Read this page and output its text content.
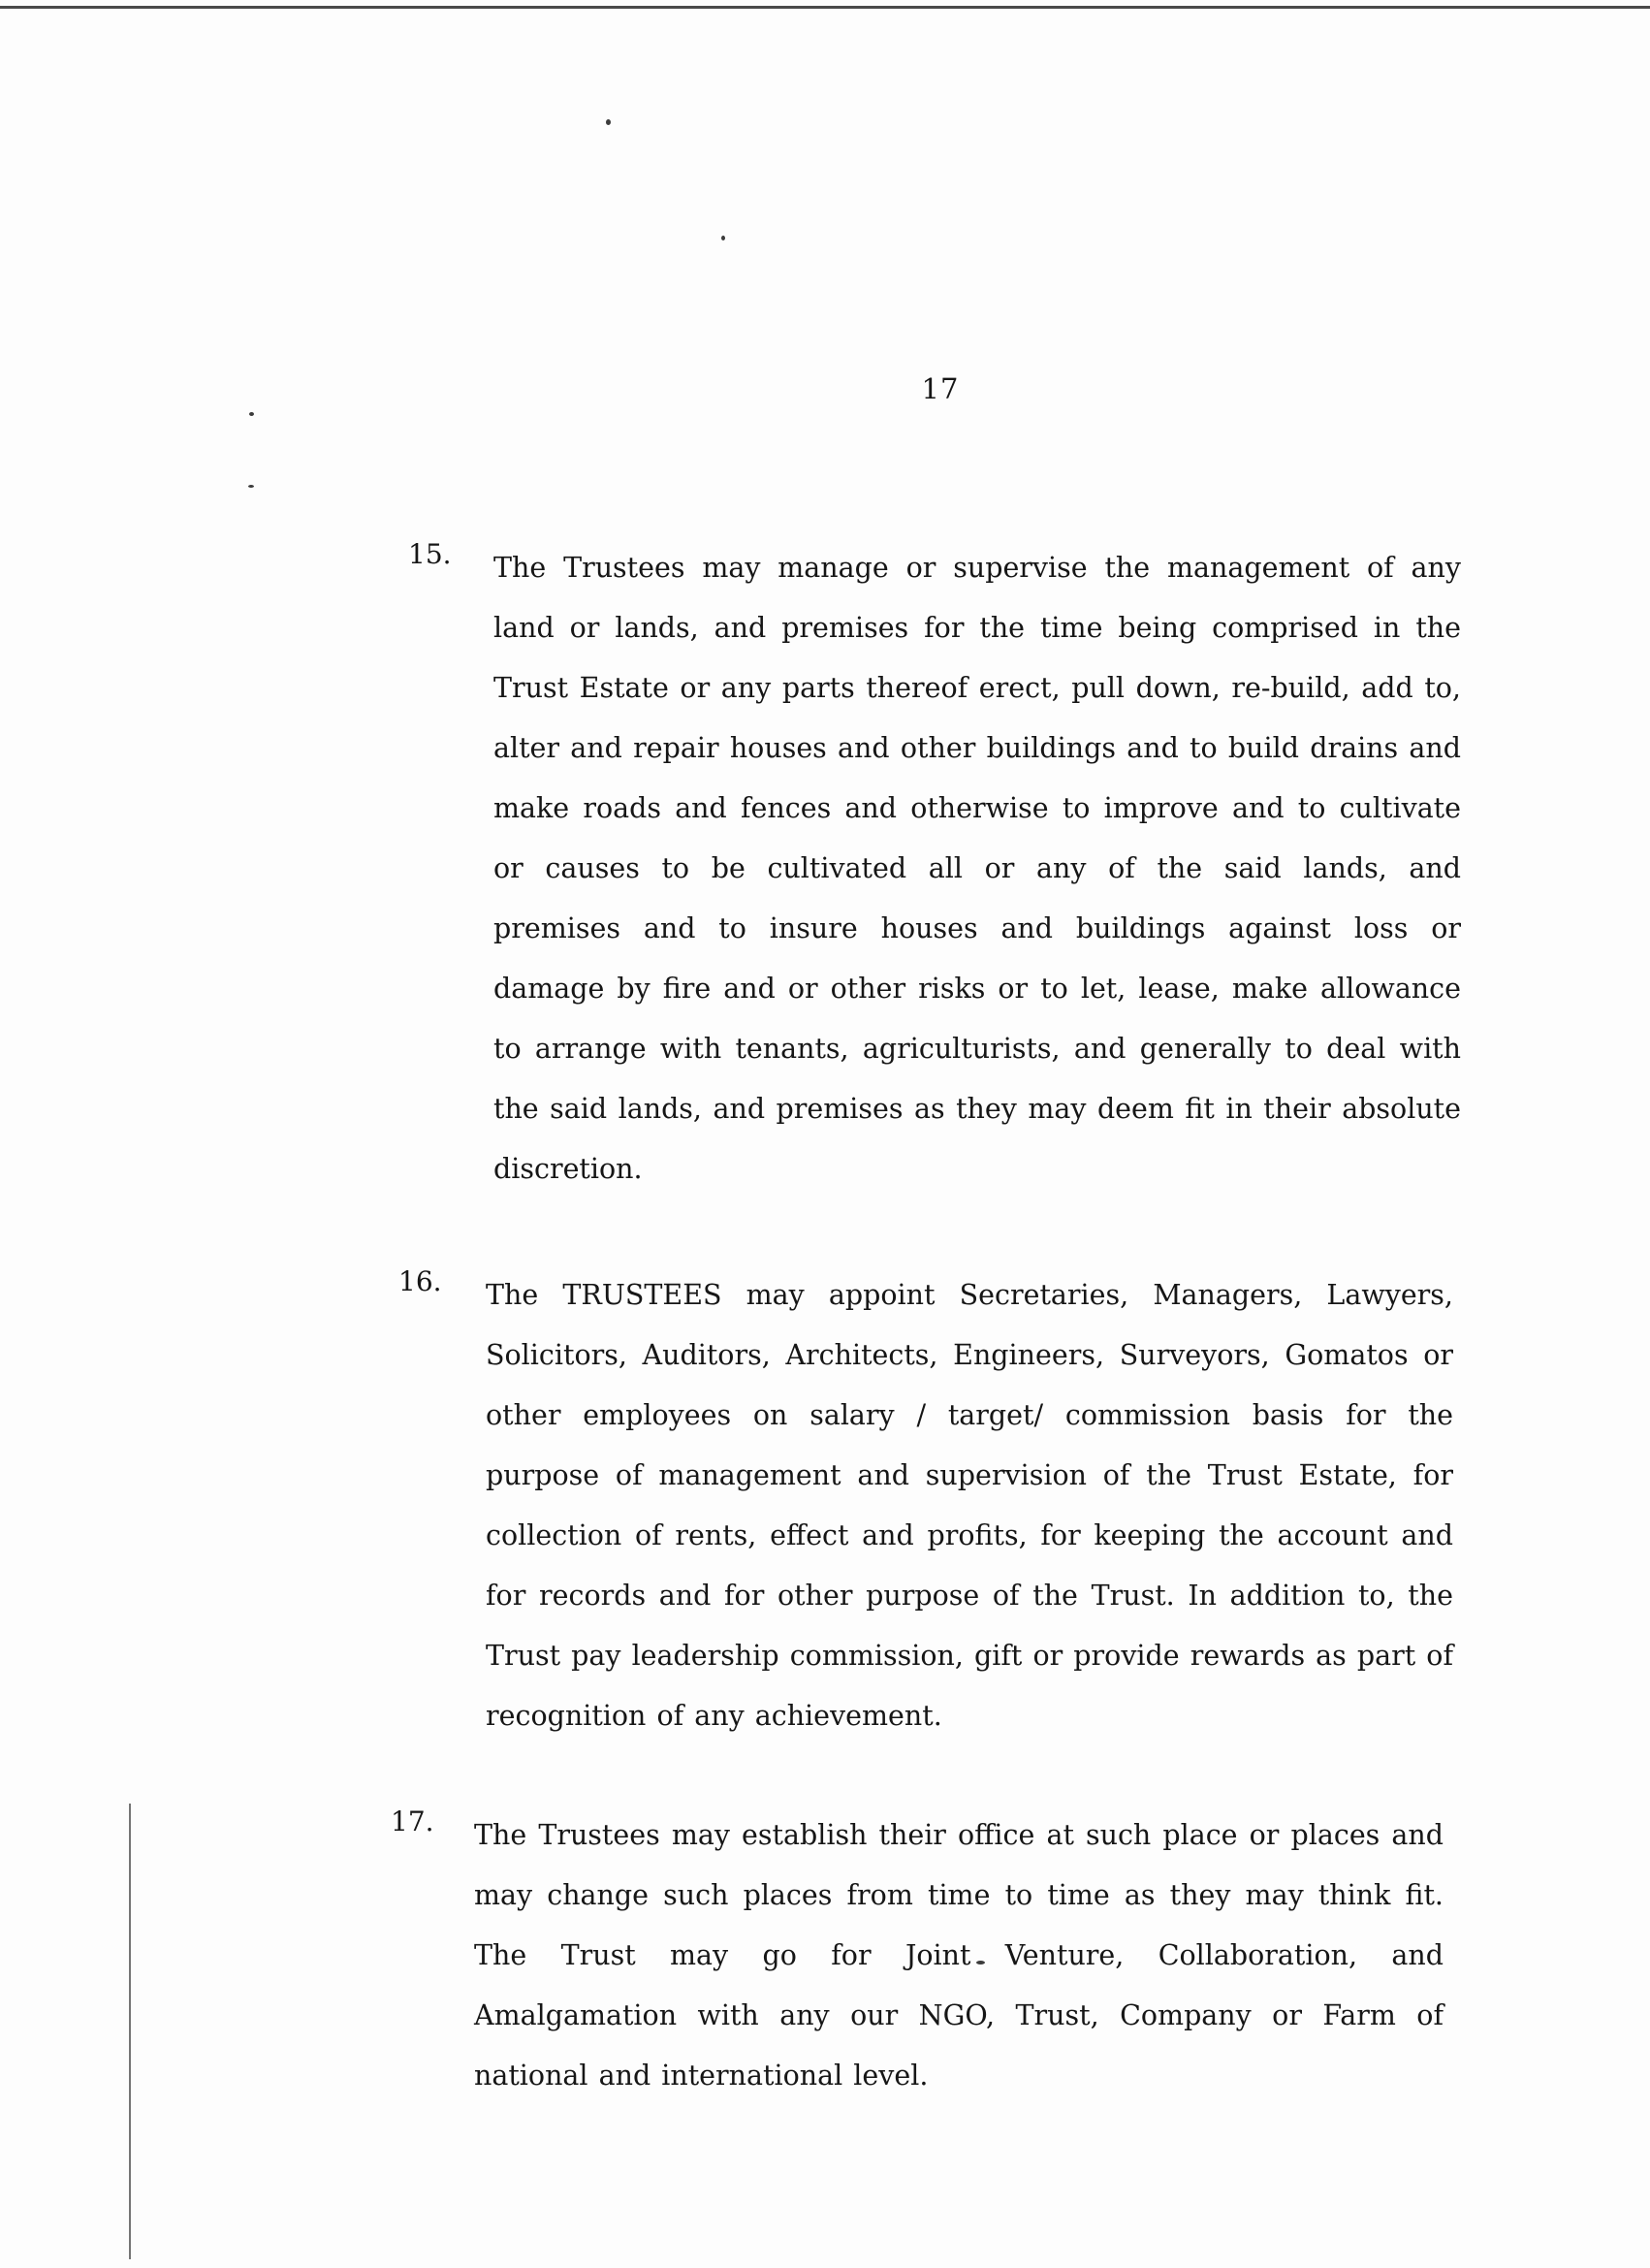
17
15. The Trustees may manage or supervise the management of any land or lands, and premises for the time being comprised in the Trust Estate or any parts thereof erect, pull down, re-build, add to, alter and repair houses and other buildings and to build drains and make roads and fences and otherwise to improve and to cultivate or causes to be cultivated all or any of the said lands, and premises and to insure houses and buildings against loss or damage by fire and or other risks or to let, lease, make allowance to arrange with tenants, agriculturists, and generally to deal with the said lands, and premises as they may deem fit in their absolute discretion.
16. The TRUSTEES may appoint Secretaries, Managers, Lawyers, Solicitors, Auditors, Architects, Engineers, Surveyors, Gomatos or other employees on salary / target/ commission basis for the purpose of management and supervision of the Trust Estate, for collection of rents, effect and profits, for keeping the account and for records and for other purpose of the Trust. In addition to, the Trust pay leadership commission, gift or provide rewards as part of recognition of any achievement.
17. The Trustees may establish their office at such place or places and may change such places from time to time as they may think fit. The Trust may go for Joint Venture, Collaboration, and Amalgamation with any our NGO, Trust, Company or Farm of national and international level.
